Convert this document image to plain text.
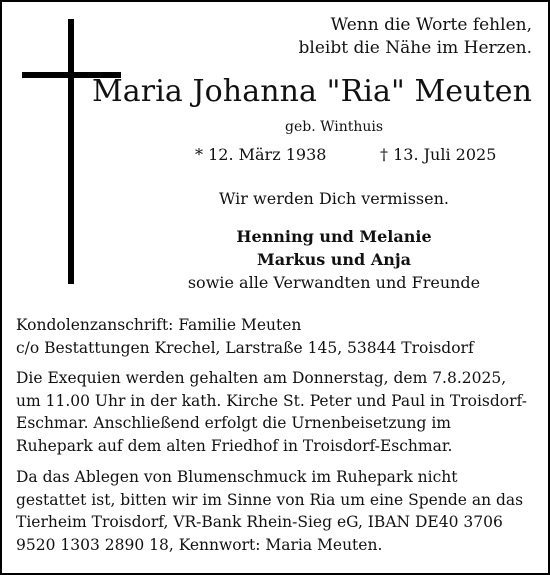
Wenn die Worte fehlen,
bleibt die Nähe im Herzen.
Maria Johanna "Ria" Meuten
geb. Winthuis
* 12. März 1938	† 13. Juli 2025
Wir werden Dich vermissen.
Henning und Melanie
Markus und Anja
sowie alle Verwandten und Freunde
Kondolenzanschrift: Familie Meuten
c/o Bestattungen Krechel, Larstraße 145, 53844 Troisdorf
Die Exequien werden gehalten am Donnerstag, dem 7.8.2025,
um 11.00 Uhr in der kath. Kirche St. Peter und Paul in Troisdorf-
Eschmar. Anschließend erfolgt die Urnenbeisetzung im
Ruhepark auf dem alten Friedhof in Troisdorf-Eschmar.
Da das Ablegen von Blumenschmuck im Ruhepark nicht
gestattet ist, bitten wir im Sinne von Ria um eine Spende an das
Tierheim Troisdorf, VR-Bank Rhein-Sieg eG, IBAN DE40 3706
9520 1303 2890 18, Kennwort: Maria Meuten.
